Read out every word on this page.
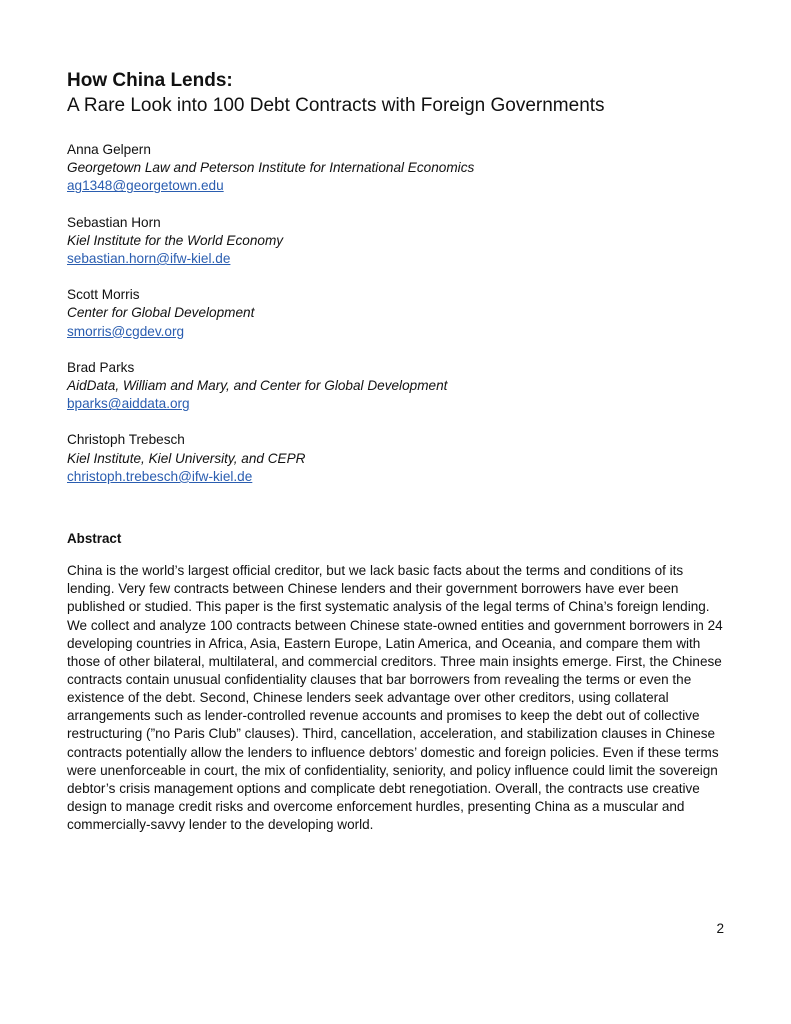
How China Lends:
A Rare Look into 100 Debt Contracts with Foreign Governments
Anna Gelpern
Georgetown Law and Peterson Institute for International Economics
ag1348@georgetown.edu
Sebastian Horn
Kiel Institute for the World Economy
sebastian.horn@ifw-kiel.de
Scott Morris
Center for Global Development
smorris@cgdev.org
Brad Parks
AidData, William and Mary, and Center for Global Development
bparks@aiddata.org
Christoph Trebesch
Kiel Institute, Kiel University, and CEPR
christoph.trebesch@ifw-kiel.de
Abstract

China is the world’s largest official creditor, but we lack basic facts about the terms and conditions of its lending. Very few contracts between Chinese lenders and their government borrowers have ever been published or studied. This paper is the first systematic analysis of the legal terms of China’s foreign lending. We collect and analyze 100 contracts between Chinese state-owned entities and government borrowers in 24 developing countries in Africa, Asia, Eastern Europe, Latin America, and Oceania, and compare them with those of other bilateral, multilateral, and commercial creditors. Three main insights emerge. First, the Chinese contracts contain unusual confidentiality clauses that bar borrowers from revealing the terms or even the existence of the debt. Second, Chinese lenders seek advantage over other creditors, using collateral arrangements such as lender-controlled revenue accounts and promises to keep the debt out of collective restructuring (”no Paris Club” clauses). Third, cancellation, acceleration, and stabilization clauses in Chinese contracts potentially allow the lenders to influence debtors’ domestic and foreign policies. Even if these terms were unenforceable in court, the mix of confidentiality, seniority, and policy influence could limit the sovereign debtor’s crisis management options and complicate debt renegotiation. Overall, the contracts use creative design to manage credit risks and overcome enforcement hurdles, presenting China as a muscular and commercially-savvy lender to the developing world.

2
